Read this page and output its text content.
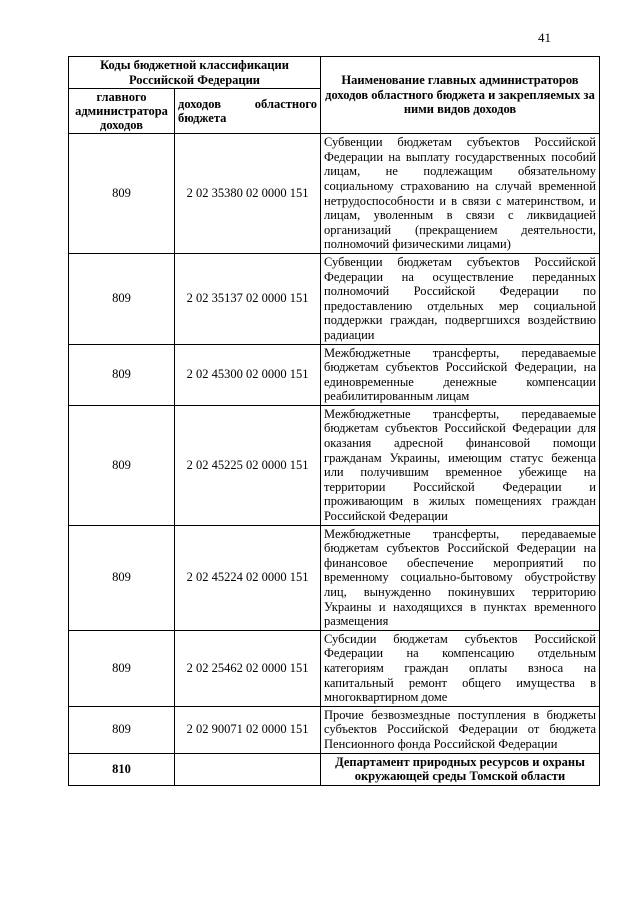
41
Коды бюджетной классификации Российской Федерации		Наименование главных администраторов доходов областного бюджета и закрепляемых за ними видов доходов
главного администратора доходов	доходов областного бюджета	
809	2 02 35380 02 0000 151	Субвенции бюджетам субъектов Российской Федерации на выплату государственных пособий лицам, не подлежащим обязательному социальному страхованию на случай временной нетрудоспособности и в связи с материнством, и лицам, уволенным в связи с ликвидацией организаций (прекращением деятельности, полномочий физическими лицами)
809	2 02 35137 02 0000 151	Субвенции бюджетам субъектов Российской Федерации на осуществление переданных полномочий Российской Федерации по предоставлению отдельных мер социальной поддержки граждан, подвергшихся воздействию радиации
809	2 02 45300 02 0000 151	Межбюджетные трансферты, передаваемые бюджетам субъектов Российской Федерации, на единовременные денежные компенсации реабилитированным лицам
809	2 02 45225 02 0000 151	Межбюджетные трансферты, передаваемые бюджетам субъектов Российской Федерации для оказания адресной финансовой помощи гражданам Украины, имеющим статус беженца или получившим временное убежище на территории Российской Федерации и проживающим в жилых помещениях граждан Российской Федерации
809	2 02 45224 02 0000 151	Межбюджетные трансферты, передаваемые бюджетам субъектов Российской Федерации на финансовое обеспечение мероприятий по временному социально-бытовому обустройству лиц, вынужденно покинувших территорию Украины и находящихся в пунктах временного размещения
809	2 02 25462 02 0000 151	Субсидии бюджетам субъектов Российской Федерации на компенсацию отдельным категориям граждан оплаты взноса на капитальный ремонт общего имущества в многоквартирном доме
809	2 02 90071 02 0000 151	Прочие безвозмездные поступления в бюджеты субъектов Российской Федерации от бюджета Пенсионного фонда Российской Федерации
810		Департамент природных ресурсов и охраны окружающей среды Томской области
